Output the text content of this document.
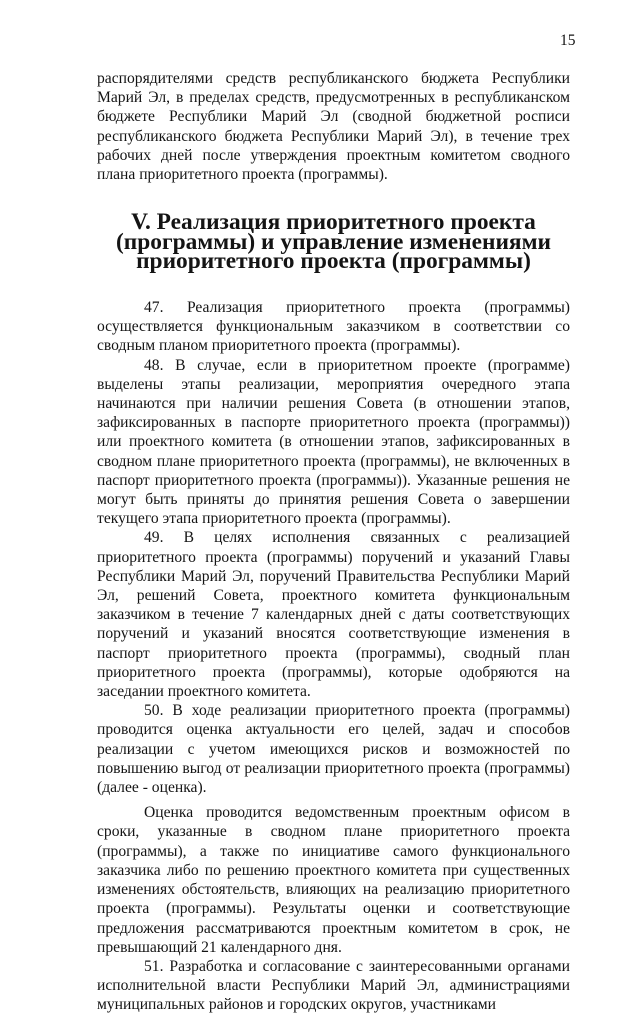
15

распорядителями средств республиканского бюджета Республики Марий Эл, в пределах средств, предусмотренных в республиканском бюджете Республики Марий Эл (сводной бюджетной росписи республиканского бюджета Республики Марий Эл), в течение трех рабочих дней после утверждения проектным комитетом сводного плана приоритетного проекта (программы).

V. Реализация приоритетного проекта (программы) и управление изменениями приоритетного проекта (программы)

47. Реализация приоритетного проекта (программы) осуществляется функциональным заказчиком в соответствии со сводным планом приоритетного проекта (программы).

48. В случае, если в приоритетном проекте (программе) выделены этапы реализации, мероприятия очередного этапа начинаются при наличии решения Совета (в отношении этапов, зафиксированных в паспорте приоритетного проекта (программы)) или проектного комитета (в отношении этапов, зафиксированных в сводном плане приоритетного проекта (программы), не включенных в паспорт приоритетного проекта (программы)). Указанные решения не могут быть приняты до принятия решения Совета о завершении текущего этапа приоритетного проекта (программы).

49. В целях исполнения связанных с реализацией приоритетного проекта (программы) поручений и указаний Главы Республики Марий Эл, поручений Правительства Республики Марий Эл, решений Совета, проектного комитета функциональным заказчиком в течение 7 календарных дней с даты соответствующих поручений и указаний вносятся соответствующие изменения в паспорт приоритетного проекта (программы), сводный план приоритетного проекта (программы), которые одобряются на заседании проектного комитета.

50. В ходе реализации приоритетного проекта (программы) проводится оценка актуальности его целей, задач и способов реализации с учетом имеющихся рисков и возможностей по повышению выгод от реализации приоритетного проекта (программы) (далее - оценка).

Оценка проводится ведомственным проектным офисом в сроки, указанные в сводном плане приоритетного проекта (программы), а также по инициативе самого функционального заказчика либо по решению проектного комитета при существенных изменениях обстоятельств, влияющих на реализацию приоритетного проекта (программы). Результаты оценки и соответствующие предложения рассматриваются проектным комитетом в срок, не превышающий 21 календарного дня.

51. Разработка и согласование с заинтересованными органами исполнительной власти Республики Марий Эл, администрациями муниципальных районов и городских округов, участниками
